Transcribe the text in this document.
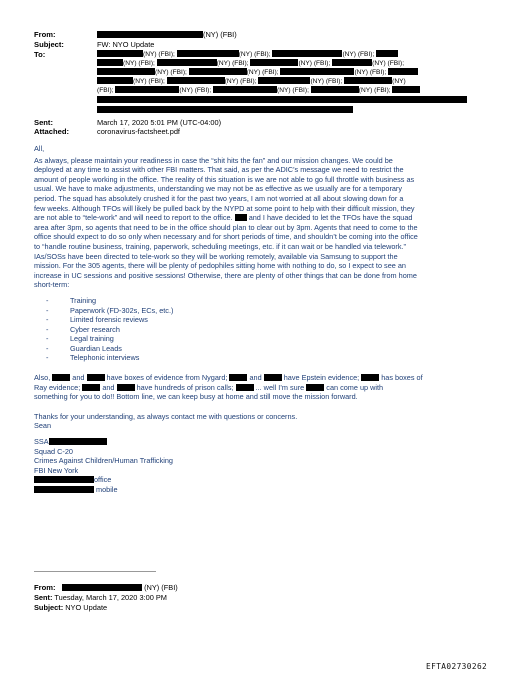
From:	(NY) (FBI)
Subject:	FW: NYO Update
To:	(NY) (FBI);	(NY) (FBI);	(NY) (FBI);
(NY) (FBI);	(NY) (FBI);	(NY) (FBI);	(NY) (FBI);
(NY) (FBI);	(NY) (FBI);	(NY) (FBI);
(NY) (FBI);	(NY) (FBI);	(NY) (FBI);	(NY)
(FBI);	(NY) (FBI);	(NY) (FBI);	(NY) (FBI);
Sent:	March 17, 2020 5:01 PM (UTC-04:00)
Attached:	coronavirus-factsheet.pdf
All,
As always, please maintain your readiness in case the “shit hits the fan” and our mission changes. We could be
deployed at any time to assist with other FBI matters. That said, as per the ADIC’s message we need to restrict the
amount of people working in the office. The reality of this situation is we are not able to go full throttle with business as
usual. We have to make adjustments, understanding we may not be as effective as we usually are for a temporary
period. The squad has absolutely crushed it for the past two years, I am not worried at all about slowing down for a
few weeks. Although TFOs will likely be pulled back by the NYPD at some point to help with their difficult mission, they
are not able to “tele-work” and will need to report to the office. and I have decided to let the TFOs have the squad
area after 3pm, so agents that need to be in the office should plan to clear out by 3pm. Agents that need to come to the
office should expect to do so only when necessary and for short periods of time, and shouldn’t be coming into the office
to “handle routine business, training, paperwork, scheduling meetings, etc. if it can wait or be handled via telework.”
IAs/SOSs have been directed to tele-work so they will be working remotely, available via Samsung to support the
mission. For the 305 agents, there will be plenty of pedophiles sitting home with nothing to do, so I expect to see an
increase in UC sessions and positive sessions! Otherwise, there are plenty of other things that can be done from home
short-term:
-	Training
-	Paperwork (FD-302s, ECs, etc.)
-	Limited forensic reviews
-	Cyber research
-	Legal training
-	Guardian Leads
-	Telephonic interviews
Also,	and	have boxes of evidence from Nygard;	and	have Epstein evidence;	has boxes of
Ray evidence;	and	have hundreds of prison calls;	... well I’m sure	can come up with
something for you to do!! Bottom line, we can keep busy at home and still move the mission forward.
Thanks for your understanding, as always contact me with questions or concerns.
Sean
SSA
Squad C-20
Crimes Against Children/Human Trafficking
FBI New York
office
mobile
From:	(NY) (FBI)
Sent: Tuesday, March 17, 2020 3:00 PM
Subject: NYO Update
EFTA02730262
